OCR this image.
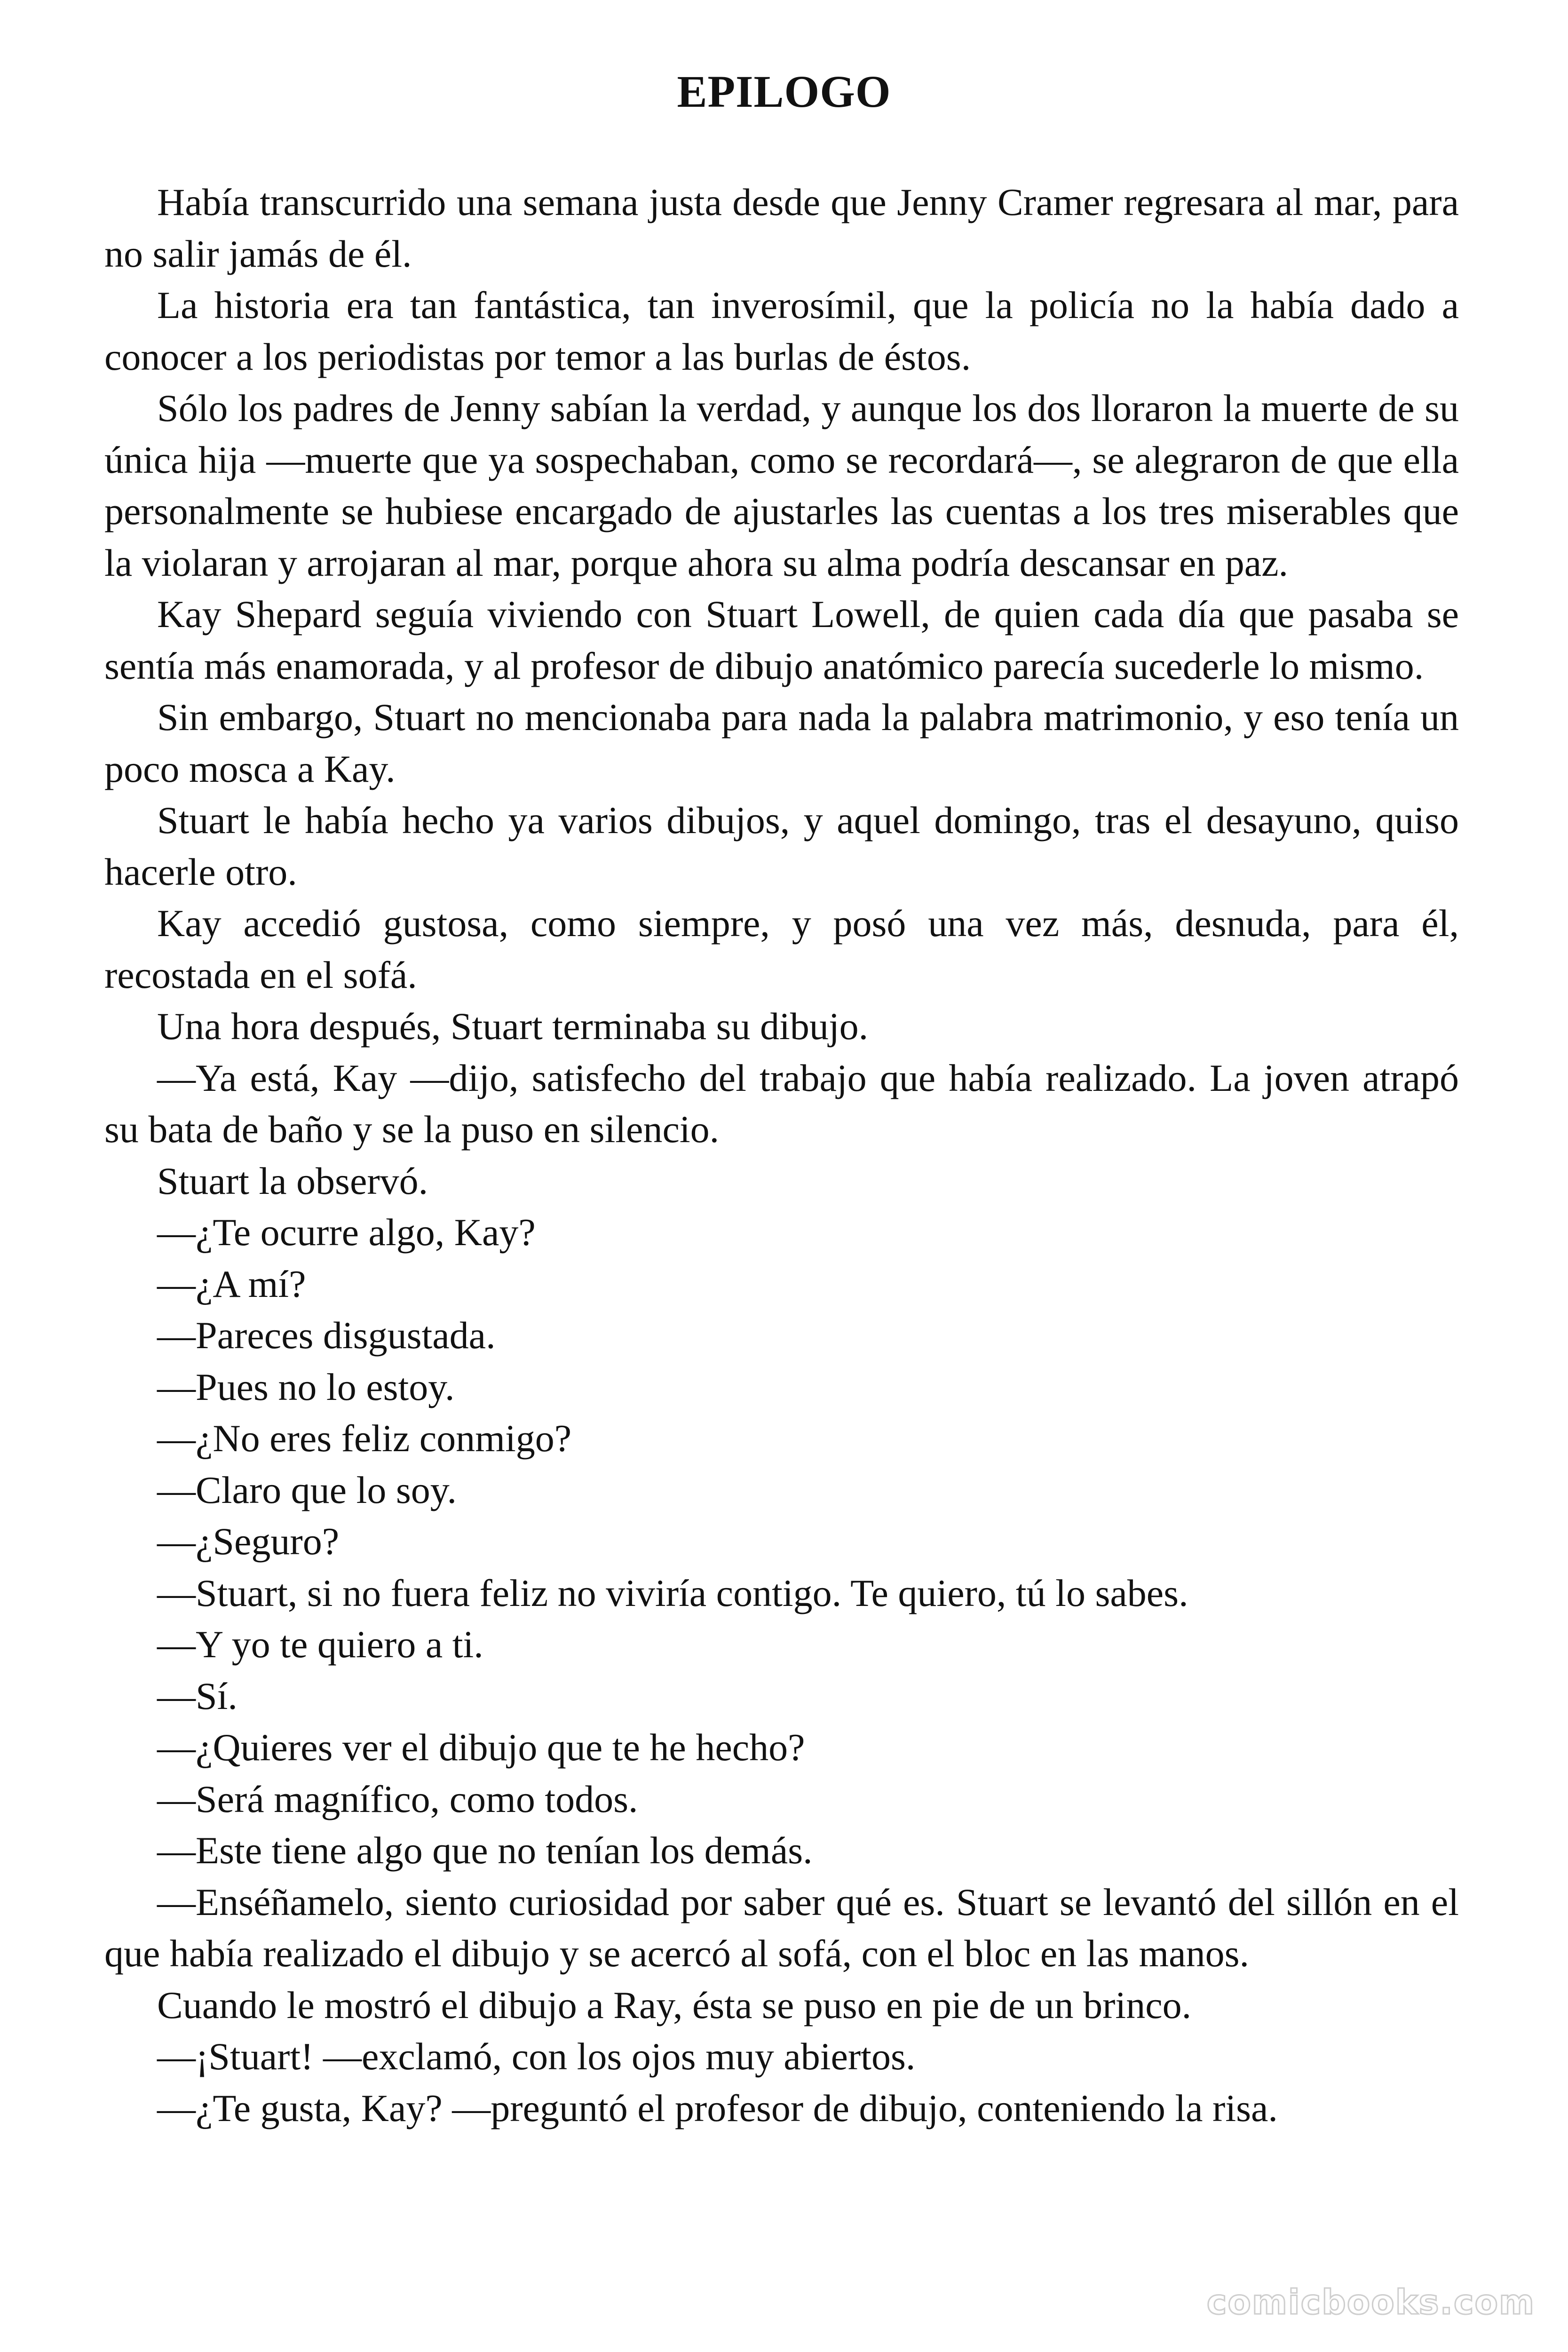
EPILOGO

Había transcurrido una semana justa desde que Jenny Cramer regresara al mar, para no salir jamás de él.

La historia era tan fantástica, tan inverosímil, que la policía no la había dado a conocer a los periodistas por temor a las burlas de éstos.

Sólo los padres de Jenny sabían la verdad, y aunque los dos lloraron la muerte de su única hija —muerte que ya sospechaban, como se recordará—, se alegraron de que ella personalmente se hubiese encargado de ajustarles las cuentas a los tres miserables que la violaran y arrojaran al mar, porque ahora su alma podría descansar en paz.

Kay Shepard seguía viviendo con Stuart Lowell, de quien cada día que pasaba se sentía más enamorada, y al profesor de dibujo anatómico parecía sucederle lo mismo.

Sin embargo, Stuart no mencionaba para nada la palabra matrimonio, y eso tenía un poco mosca a Kay.

Stuart le había hecho ya varios dibujos, y aquel domingo, tras el desayuno, quiso hacerle otro.

Kay accedió gustosa, como siempre, y posó una vez más, desnuda, para él, recostada en el sofá.

Una hora después, Stuart terminaba su dibujo.

—Ya está, Kay —dijo, satisfecho del trabajo que había realizado. La joven atrapó su bata de baño y se la puso en silencio.

Stuart la observó.

—¿Te ocurre algo, Kay?

—¿A mí?

—Pareces disgustada.

—Pues no lo estoy.

—¿No eres feliz conmigo?

—Claro que lo soy.

—¿Seguro?

—Stuart, si no fuera feliz no viviría contigo. Te quiero, tú lo sabes.

—Y yo te quiero a ti.

—Sí.

—¿Quieres ver el dibujo que te he hecho?

—Será magnífico, como todos.

—Este tiene algo que no tenían los demás.

—Enséñamelo, siento curiosidad por saber qué es. Stuart se levantó del sillón en el que había realizado el dibujo y se acercó al sofá, con el bloc en las manos.

Cuando le mostró el dibujo a Ray, ésta se puso en pie de un brinco.

—¡Stuart! —exclamó, con los ojos muy abiertos.

—¿Te gusta, Kay? —preguntó el profesor de dibujo, conteniendo la risa.

comicbooks.com
